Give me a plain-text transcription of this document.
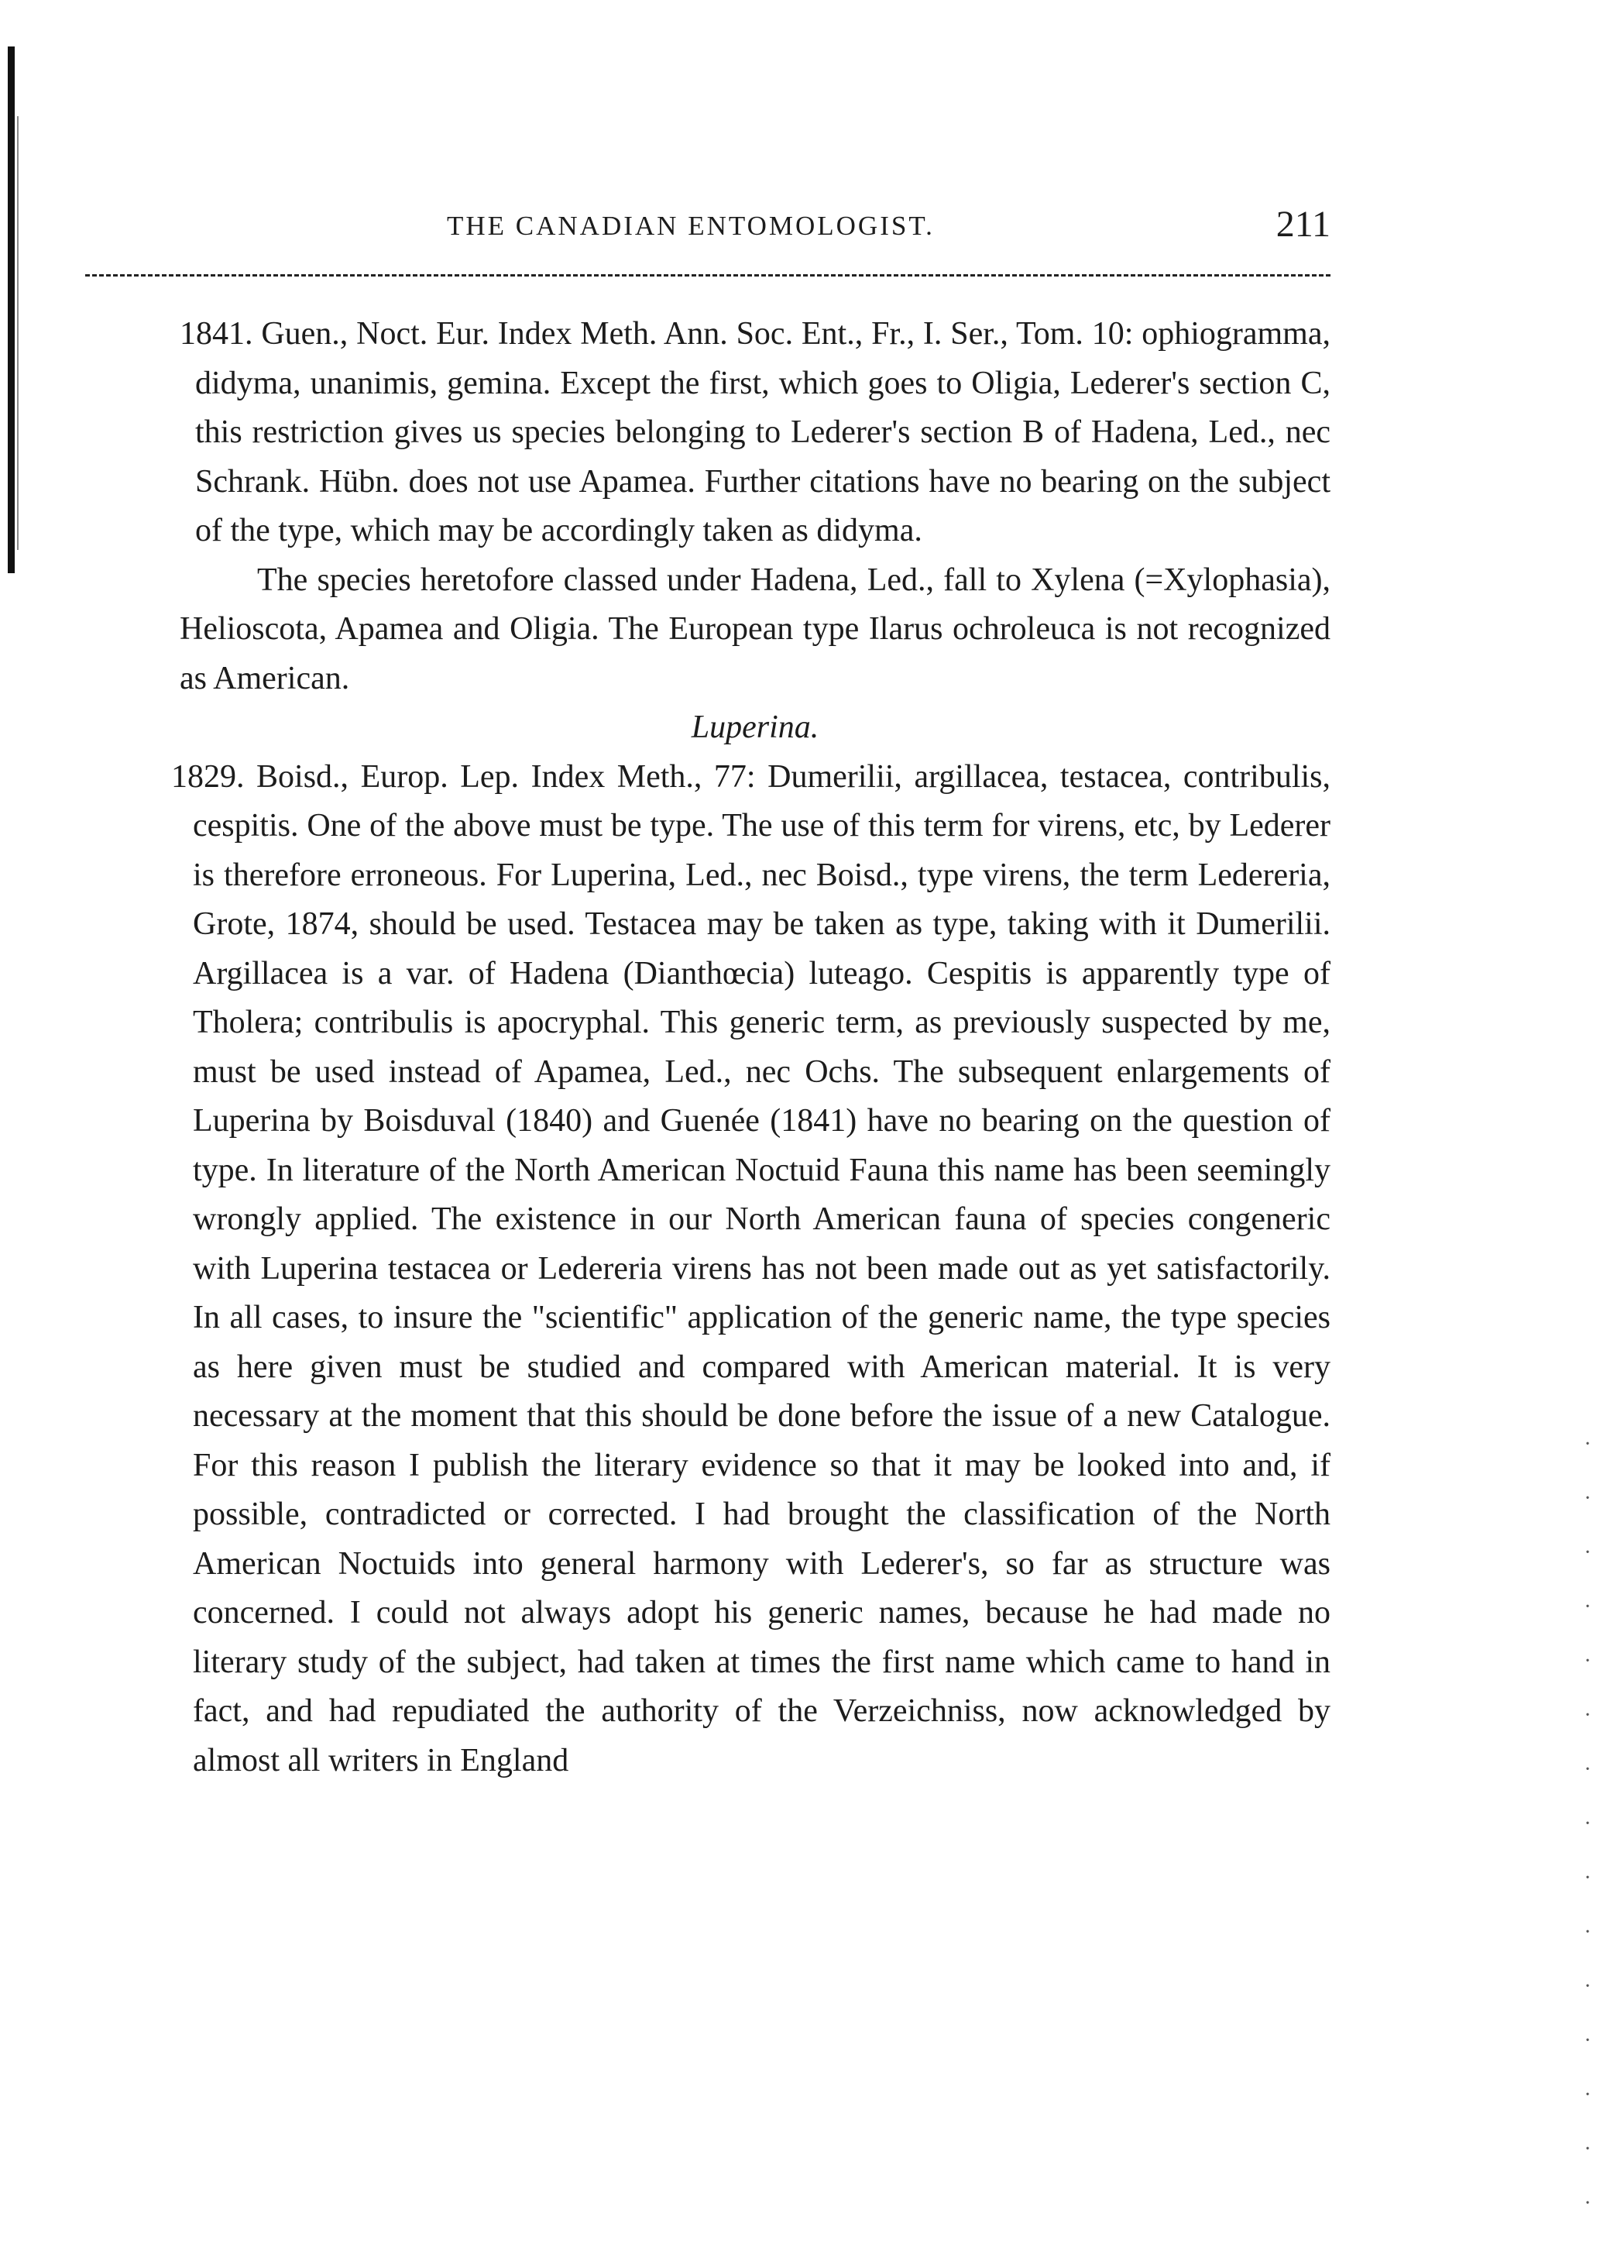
THE CANADIAN ENTOMOLOGIST.	211

1841. Guen., Noct. Eur. Index Meth. Ann. Soc. Ent., Fr., I. Ser., Tom. 10: ophiogramma, didyma, unanimis, gemina. Except the first, which goes to Oligia, Lederer's section C, this restriction gives us species belonging to Lederer's section B of Hadena, Led., nec Schrank. Hübn. does not use Apamea. Further citations have no bearing on the subject of the type, which may be accordingly taken as didyma.

The species heretofore classed under Hadena, Led., fall to Xylena (=Xylophasia), Helioscota, Apamea and Oligia. The European type Ilarus ochroleuca is not recognized as American.

Luperina.

1829. Boisd., Europ. Lep. Index Meth., 77: Dumerilii, argillacea, testacea, contribulis, cespitis. One of the above must be type. The use of this term for virens, etc, by Lederer is therefore erroneous. For Luperina, Led., nec Boisd., type virens, the term Ledereria, Grote, 1874, should be used. Testacea may be taken as type, taking with it Dumerilii. Argillacea is a var. of Hadena (Dianthœcia) luteago. Cespitis is apparently type of Tholera; contribulis is apocryphal. This generic term, as previously suspected by me, must be used instead of Apamea, Led., nec Ochs. The subsequent enlargements of Luperina by Boisduval (1840) and Guenée (1841) have no bearing on the question of type. In literature of the North American Noctuid Fauna this name has been seemingly wrongly applied. The existence in our North American fauna of species congeneric with Luperina testacea or Ledereria virens has not been made out as yet satisfactorily. In all cases, to insure the "scientific" application of the generic name, the type species as here given must be studied and compared with American material. It is very necessary at the moment that this should be done before the issue of a new Catalogue. For this reason I publish the literary evidence so that it may be looked into and, if possible, contradicted or corrected. I had brought the classification of the North American Noctuids into general harmony with Lederer's, so far as structure was concerned. I could not always adopt his generic names, because he had made no literary study of the subject, had taken at times the first name which came to hand in fact, and had repudiated the authority of the Verzeichniss, now acknowledged by almost all writers in England

·
·
·
·
·
·
·
·
·
·
·
·
·
·
·
